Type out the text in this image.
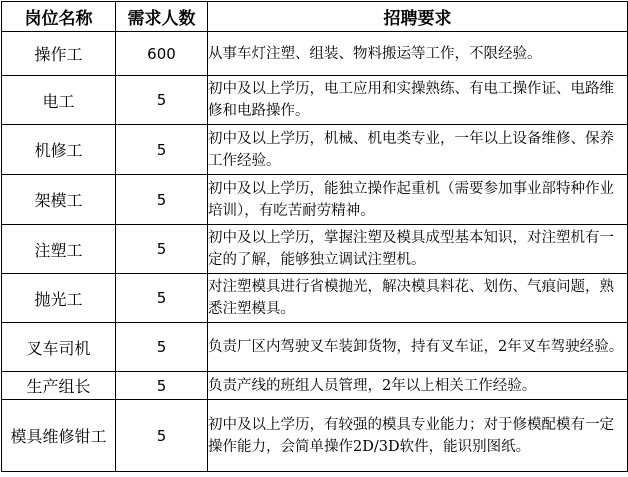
岗位名称	需求人数	招聘要求
操作工	600	从事车灯注塑、组装、物料搬运等工作，不限经验。
电工	5	初中及以上学历，电工应用和实操熟练、有电工操作证、电路维修和电路操作。
机修工	5	初中及以上学历，机械、机电类专业，一年以上设备维修、保养工作经验。
架模工	5	初中及以上学历，能独立操作起重机（需要参加事业部特种作业培训），有吃苦耐劳精神。
注塑工	5	初中及以上学历，掌握注塑及模具成型基本知识，对注塑机有一定的了解，能够独立调试注塑机。
抛光工	5	对注塑模具进行省模抛光，解决模具料花、划伤、气痕问题，熟悉注塑模具。
叉车司机	5	负责厂区内驾驶叉车装卸货物，持有叉车证，2年叉车驾驶经验。
生产组长	5	负责产线的班组人员管理，2年以上相关工作经验。
模具维修钳工	5	初中及以上学历，有较强的模具专业能力；对于修模配模有一定操作能力，会简单操作2D/3D软件，能识别图纸。
